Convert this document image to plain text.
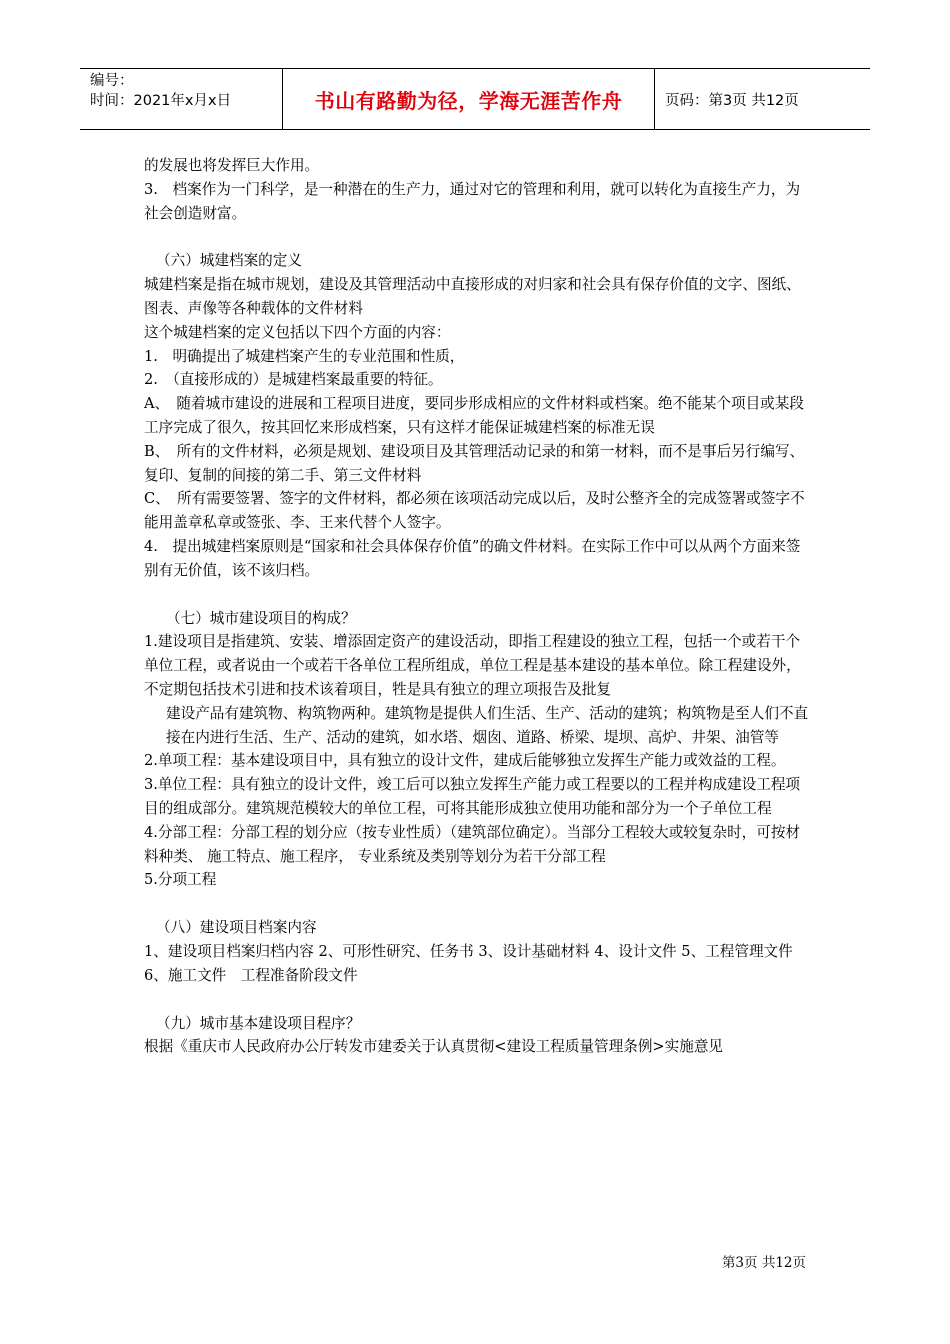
编号：
时间：2021年x月x日	书山有路勤为径，学海无涯苦作舟	页码：第3页 共12页

的发展也将发挥巨大作用。

3.　档案作为一门科学，是一种潜在的生产力，通过对它的管理和利用，就可以转化为直接生产力，为社会创造财富。

（六）城建档案的定义

城建档案是指在城市规划，建设及其管理活动中直接形成的对归家和社会具有保存价值的文字、图纸、图表、声像等各种载体的文件材料

这个城建档案的定义包括以下四个方面的内容：

1.　明确提出了城建档案产生的专业范围和性质，

2.　（直接形成的）是城建档案最重要的特征。

A、　随着城市建设的进展和工程项目进度，要同步形成相应的文件材料或档案。绝不能某个项目或某段工序完成了很久，按其回忆来形成档案，只有这样才能保证城建档案的标准无误

B、　所有的文件材料，必须是规划、建设项目及其管理活动记录的和第一材料，而不是事后另行编写、复印、复制的间接的第二手、第三文件材料

C、　所有需要签署、签字的文件材料，都必须在该项活动完成以后，及时公整齐全的完成签署或签字不能用盖章私章或签张、李、王来代替个人签字。

4.　提出城建档案原则是“国家和社会具体保存价值”的确文件材料。在实际工作中可以从两个方面来签别有无价值，该不该归档。

（七）城市建设项目的构成？

1.建设项目是指建筑、安装、增添固定资产的建设活动，即指工程建设的独立工程，包括一个或若干个单位工程，或者说由一个或若干各单位工程所组成，单位工程是基本建设的基本单位。除工程建设外，不定期包括技术引进和技术该着项目，牲是具有独立的理立项报告及批复

建设产品有建筑物、构筑物两种。建筑物是提供人们生活、生产、活动的建筑；构筑物是至人们不直接在内进行生活、生产、活动的建筑，如水塔、烟囱、道路、桥梁、堤坝、高炉、井架、油管等

2.单项工程：基本建设项目中，具有独立的设计文件，建成后能够独立发挥生产能力或效益的工程。

3.单位工程：具有独立的设计文件，竣工后可以独立发挥生产能力或工程要以的工程并构成建设工程项目的组成部分。建筑规范模较大的单位工程，可将其能形成独立使用功能和部分为一个子单位工程

4.分部工程：分部工程的划分应（按专业性质）（建筑部位确定）。当部分工程较大或较复杂时，可按材料种类、 施工特点、施工程序， 专业系统及类别等划分为若干分部工程

5.分项工程

（八）建设项目档案内容

1、建设项目档案归档内容 2、可形性研究、任务书 3、设计基础材料 4、设计文件 5、工程管理文件

6、施工文件　工程准备阶段文件

（九）城市基本建设项目程序？

根据《重庆市人民政府办公厅转发市建委关于认真贯彻<建设工程质量管理条例>实施意见

第3页 共12页
